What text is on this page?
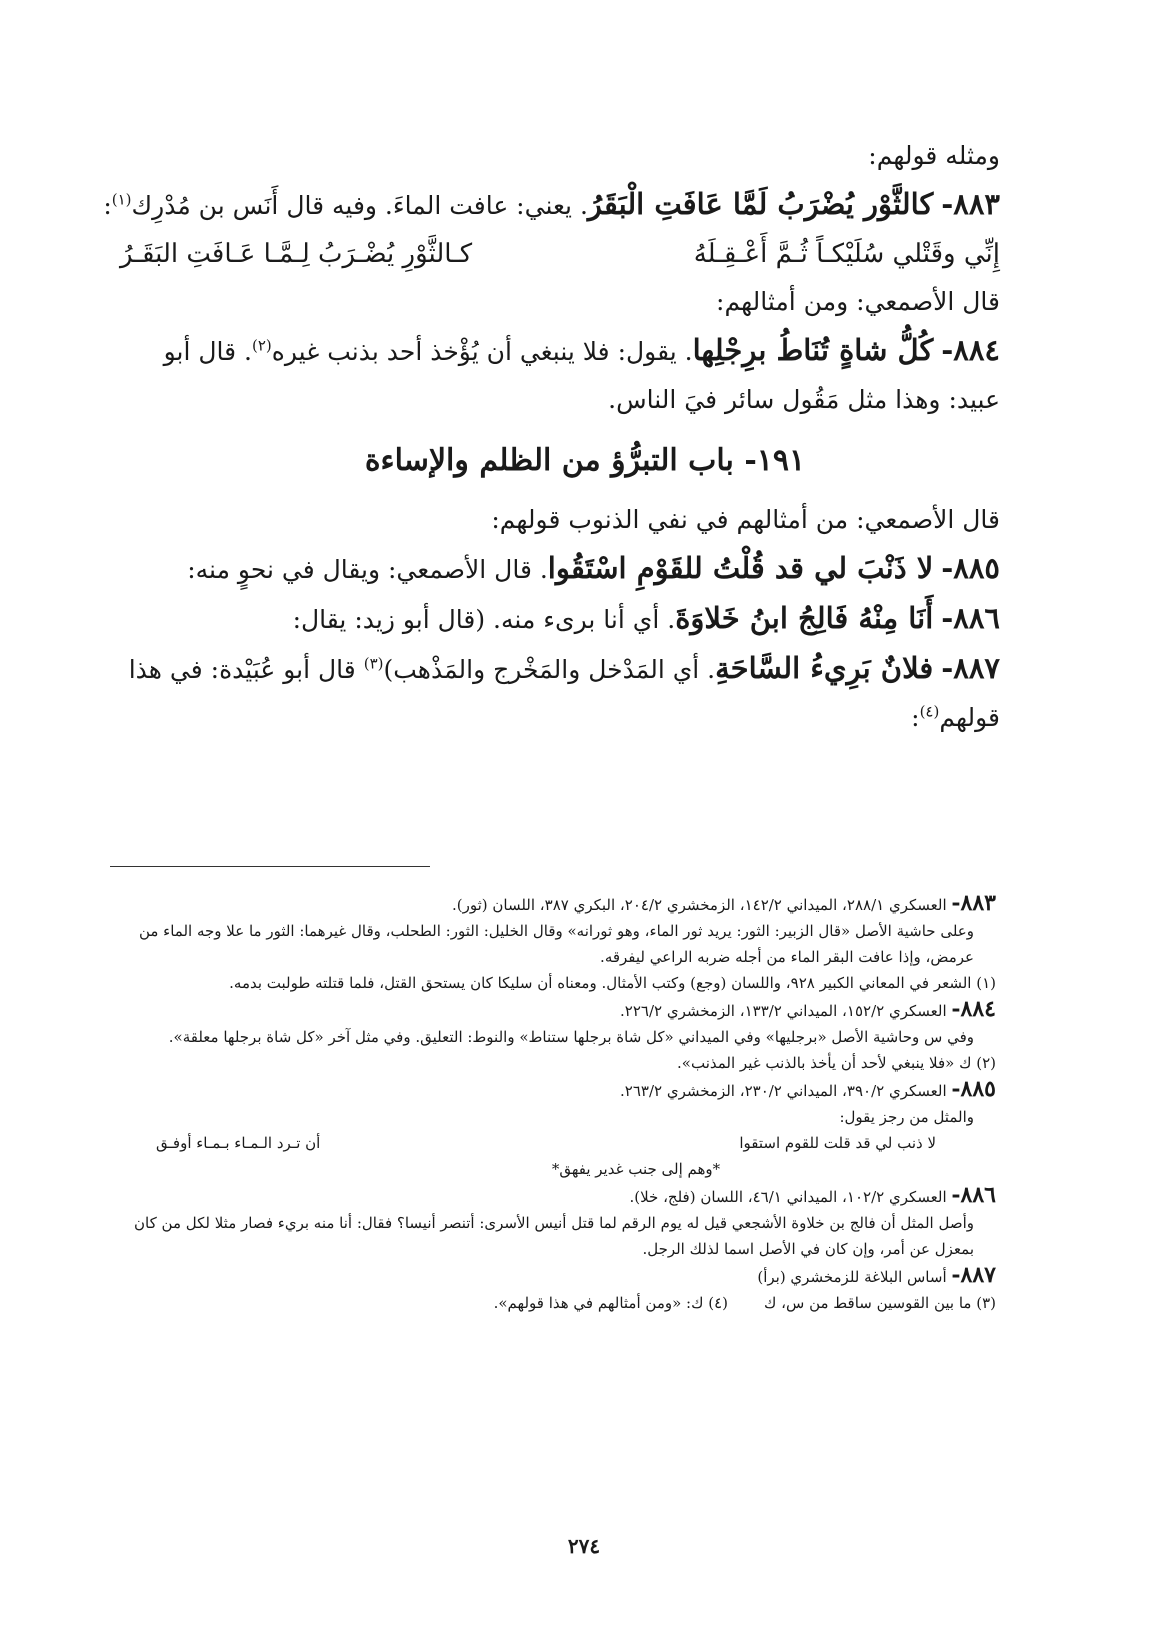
ومثله قولهم:
٨٨٣- كالثَّوْر يُضْرَبُ لَمَّا عَافَتِ الْبَقَرُ. يعني: عافت الماءَ. وفيه قال أَنَس بن مُدْرِك$^{(١)}$:
إِنِّي وقَتْلي سُلَيْكـاً ثُـمَّ أَعْـقِـلَهُ
كـالثَّوْرِ يُضْـرَبُ لِـمَّـا عَـافَتِ البَقَـرُ
قال الأصمعي: ومن أمثالهم:
٨٨٤- كُلُّ شاةٍ تُنَاطُ برِجْلِها. يقول: فلا ينبغي أن يُؤْخذ أحد بذنب غيره$^{(٢)}$. قال أبو عبيد: وهذا مثل مَقُول سائر فيَ الناس.
١٩١- باب التبرُّؤ من الظلم والإساءة
قال الأصمعي: من أمثالهم في نفي الذنوب قولهم:
٨٨٥- لا ذَنْبَ لي قد قُلْتُ للقَوْمِ اسْتَقُوا. قال الأصمعي: ويقال في نحوٍ منه:
٨٨٦- أَنَا مِنْهُ فَالِجُ ابنُ خَلاوَةَ. أي أنا برىء منه. (قال أبو زيد: يقال:
٨٨٧- فلانٌ بَرِيءُ السَّاحَةِ. أي المَدْخل والمَخْرج والمَذْهب)$^{(٣)}$ قال أبو عُبَيْدة: في هذا قولهم$^{(٤)}$:
٨٨٣- العسكري ٢٨٨/١، الميداني ١٤٢/٢، الزمخشري ٢٠٤/٢، البكري ٣٨٧، اللسان (ثور).
وعلى حاشية الأصل «قال الزبير: الثور: يريد ثور الماء، وهو ثورانه» وقال الخليل: الثور: الطحلب، وقال غيرهما: الثور ما علا وجه الماء من عرمض، وإذا عافت البقر الماء من أجله ضربه الراعي ليفرقه.
(١) الشعر في المعاني الكبير ٩٢٨، واللسان (وجع) وكتب الأمثال. ومعناه أن سليكا كان يستحق القتل، فلما قتلته طولبت بدمه.
٨٨٤- العسكري ١٥٢/٢، الميداني ١٣٣/٢، الزمخشري ٢٢٦/٢.
وفي س وحاشية الأصل «برجليها» وفي الميداني «كل شاة برجلها ستناط» والنوط: التعليق. وفي مثل آخر «كل شاة برجلها معلقة».
(٢) ك «فلا ينبغي لأحد أن يأخذ بالذنب غير المذنب».
٨٨٥- العسكري ٣٩٠/٢، الميداني ٢٣٠/٢، الزمخشري ٢٦٣/٢.
والمثل من رجز يقول:
لا ذنب لي قد قلت للقوم استقوا
أن تـرد الـمـاء بـمـاء أوفـق
*وهم إلى جنب غدير يفهق*
٨٨٦- العسكري ١٠٢/٢، الميداني ٤٦/١، اللسان (فلج، خلا).
وأصل المثل أن فالج بن خلاوة الأشجعي قيل له يوم الرقم لما قتل أنيس الأسرى: أتنصر أنيسا؟ فقال: أنا منه بريء فصار مثلا لكل من كان بمعزل عن أمر، وإن كان في الأصل اسما لذلك الرجل.
٨٨٧- أساس البلاغة للزمخشري (برأ)
(٣) ما بين القوسين ساقط من س، ك
(٤) ك: «ومن أمثالهم في هذا قولهم».
٢٧٤
